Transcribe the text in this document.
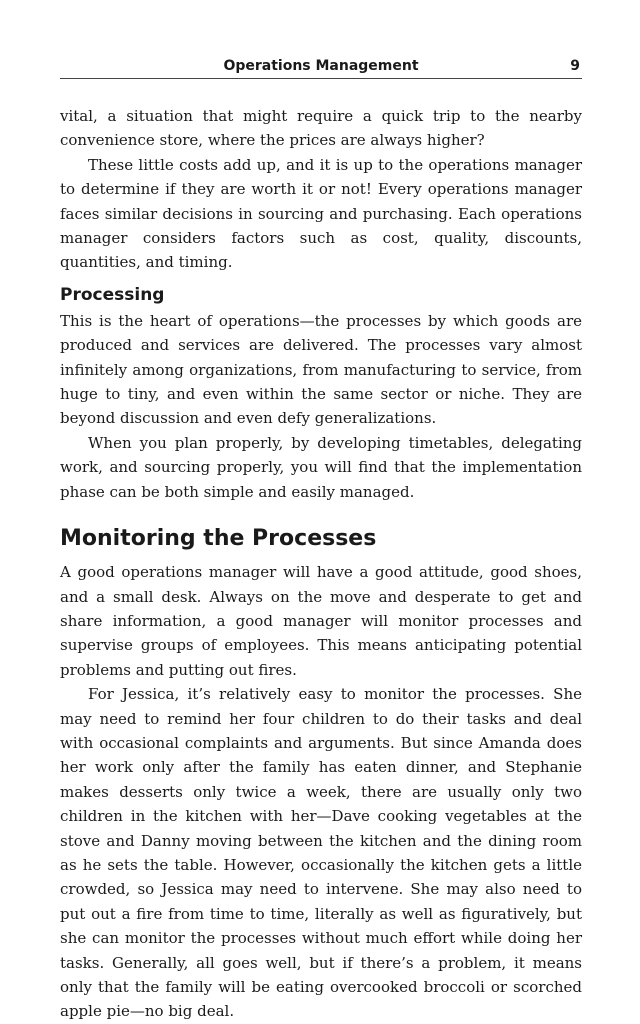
Operations Management	9

vital, a situation that might require a quick trip to the nearby convenience store, where the prices are always higher?

These little costs add up, and it is up to the operations manager to determine if they are worth it or not! Every operations manager faces similar decisions in sourcing and purchasing. Each operations manager considers factors such as cost, quality, discounts, quantities, and timing.

Processing

This is the heart of operations—the processes by which goods are produced and services are delivered. The processes vary almost infinitely among organizations, from manufacturing to service, from huge to tiny, and even within the same sector or niche. They are beyond discussion and even defy generalizations.

When you plan properly, by developing timetables, delegating work, and sourcing properly, you will find that the implementation phase can be both simple and easily managed.

Monitoring the Processes

A good operations manager will have a good attitude, good shoes, and a small desk. Always on the move and desperate to get and share information, a good manager will monitor processes and supervise groups of employees. This means anticipating potential problems and putting out fires.

For Jessica, it’s relatively easy to monitor the processes. She may need to remind her four children to do their tasks and deal with occasional complaints and arguments. But since Amanda does her work only after the family has eaten dinner, and Stephanie makes desserts only twice a week, there are usually only two children in the kitchen with her—Dave cooking vegetables at the stove and Danny moving between the kitchen and the dining room as he sets the table. However, occasionally the kitchen gets a little crowded, so Jessica may need to intervene. She may also need to put out a fire from time to time, literally as well as figuratively, but she can monitor the processes without much effort while doing her tasks. Generally, all goes well, but if there’s a problem, it means only that the family will be eating overcooked broccoli or scorched apple pie—no big deal.
